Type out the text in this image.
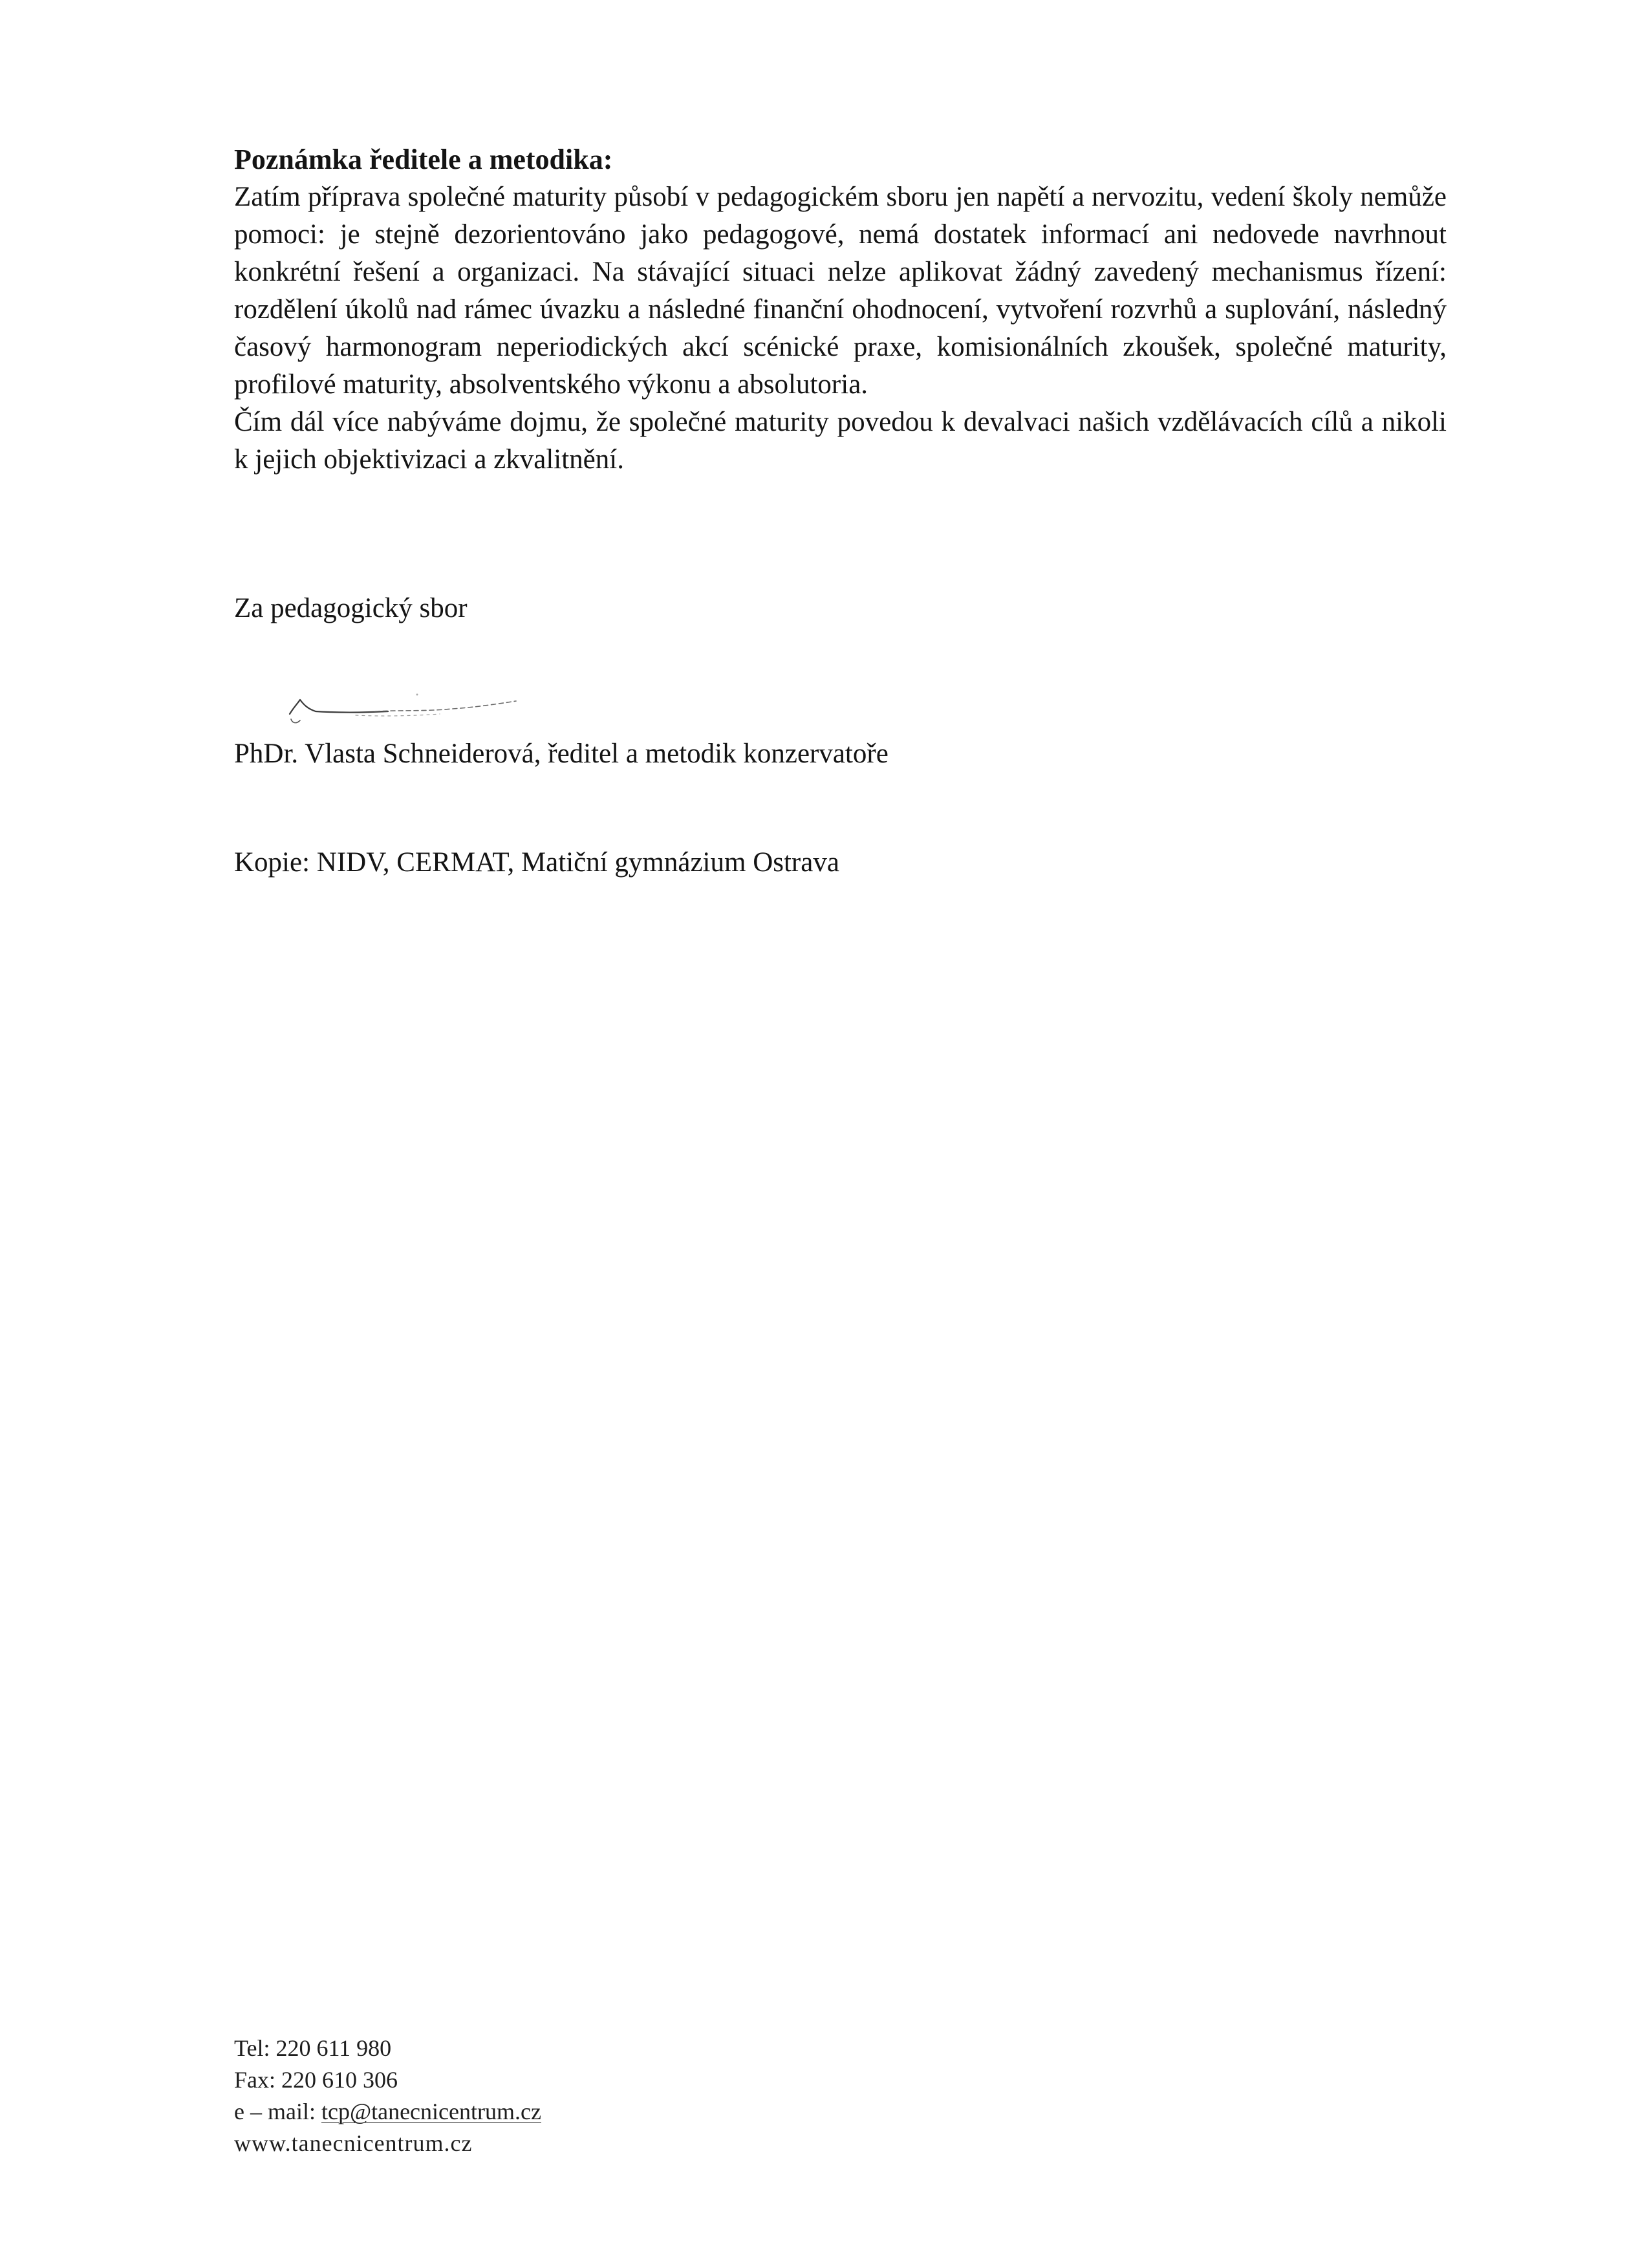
Poznámka ředitele a metodika:
Zatím příprava společné maturity působí v pedagogickém sboru jen napětí a nervozitu, vedení školy nemůže pomoci: je stejně dezorientováno jako pedagogové, nemá dostatek informací ani nedovede navrhnout konkrétní řešení a organizaci. Na stávající situaci nelze aplikovat žádný zavedený mechanismus řízení: rozdělení úkolů nad rámec úvazku a následné finanční ohodnocení, vytvoření rozvrhů a suplování, následný časový harmonogram neperiodických akcí scénické praxe, komisionálních zkoušek, společné maturity, profilové maturity, absolventského výkonu a absolutoria.
Čím dál více nabýváme dojmu, že společné maturity povedou k devalvaci našich vzdělávacích cílů a nikoli k jejich objektivizaci a zkvalitnění.
Za pedagogický sbor
PhDr. Vlasta Schneiderová, ředitel a metodik konzervatoře
Kopie: NIDV, CERMAT, Matiční gymnázium Ostrava
Tel: 220 611 980
Fax: 220 610 306
e – mail: tcp@tanecnicentrum.cz
www.tanecnicentrum.cz
